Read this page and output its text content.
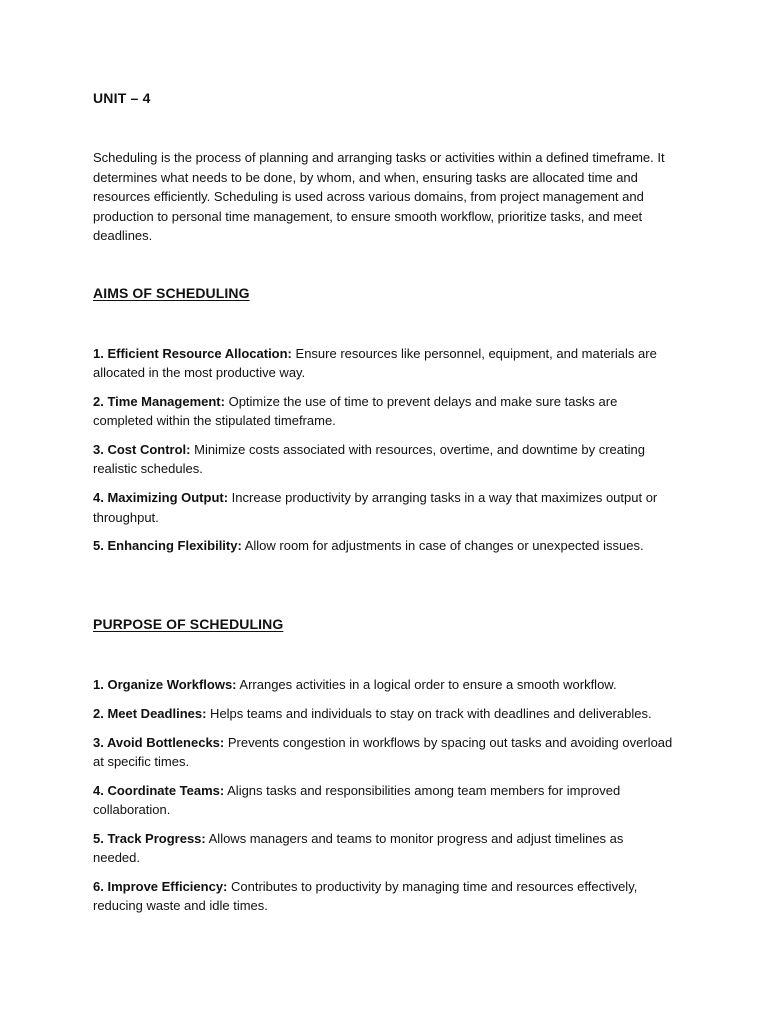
UNIT – 4

Scheduling is the process of planning and arranging tasks or activities within a defined timeframe. It determines what needs to be done, by whom, and when, ensuring tasks are allocated time and resources efficiently. Scheduling is used across various domains, from project management and production to personal time management, to ensure smooth workflow, prioritize tasks, and meet deadlines.

AIMS OF SCHEDULING
1. Efficient Resource Allocation: Ensure resources like personnel, equipment, and materials are allocated in the most productive way.
2. Time Management: Optimize the use of time to prevent delays and make sure tasks are completed within the stipulated timeframe.
3. Cost Control: Minimize costs associated with resources, overtime, and downtime by creating realistic schedules.
4. Maximizing Output: Increase productivity by arranging tasks in a way that maximizes output or throughput.
5. Enhancing Flexibility: Allow room for adjustments in case of changes or unexpected issues.
PURPOSE OF SCHEDULING
1. Organize Workflows: Arranges activities in a logical order to ensure a smooth workflow.
2. Meet Deadlines: Helps teams and individuals to stay on track with deadlines and deliverables.
3. Avoid Bottlenecks: Prevents congestion in workflows by spacing out tasks and avoiding overload at specific times.
4. Coordinate Teams: Aligns tasks and responsibilities among team members for improved collaboration.
5. Track Progress: Allows managers and teams to monitor progress and adjust timelines as needed.
6. Improve Efficiency: Contributes to productivity by managing time and resources effectively, reducing waste and idle times.
